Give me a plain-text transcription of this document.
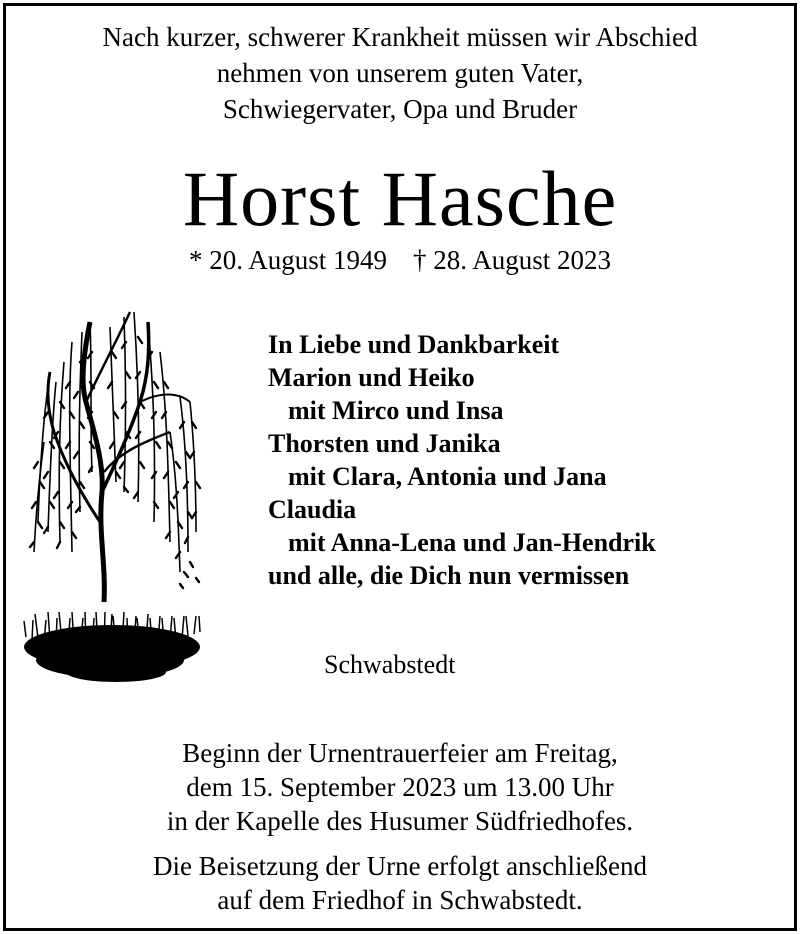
Nach kurzer, schwerer Krankheit müssen wir Abschied
nehmen von unserem guten Vater,
Schwiegervater, Opa und Bruder
Horst Hasche
* 20. August 1949 † 28. August 2023
In Liebe und Dankbarkeit
Marion und Heiko
mit Mirco und Insa
Thorsten und Janika
mit Clara, Antonia und Jana
Claudia
mit Anna-Lena und Jan-Hendrik
und alle, die Dich nun vermissen
Schwabstedt
Beginn der Urnentrauerfeier am Freitag,
dem 15. September 2023 um 13.00 Uhr
in der Kapelle des Husumer Südfriedhofes.
Die Beisetzung der Urne erfolgt anschließend
auf dem Friedhof in Schwabstedt.
